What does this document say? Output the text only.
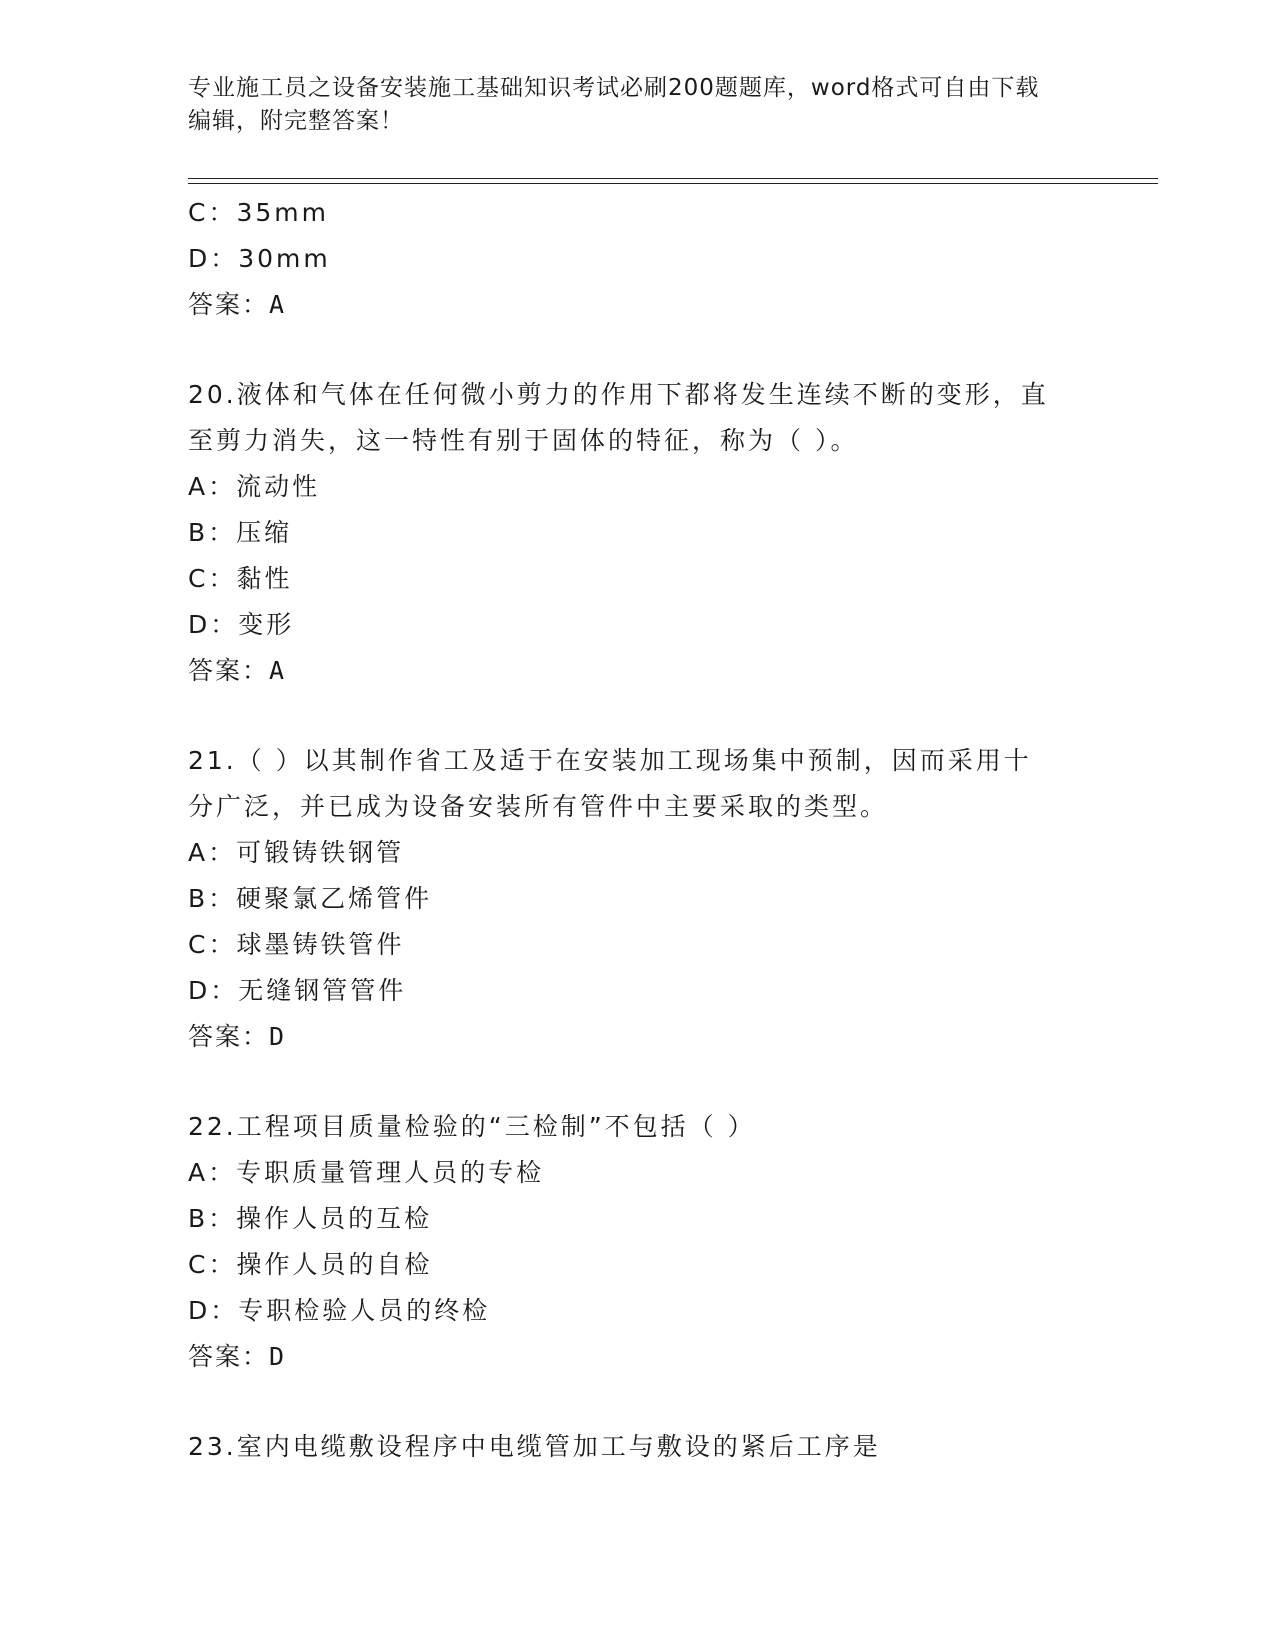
专业施工员之设备安装施工基础知识考试必刷200题题库，word格式可自由下载
编辑，附完整答案！
C：35mm
D：30mm
答案：A
20.液体和气体在任何微小剪力的作用下都将发生连续不断的变形，直
至剪力消失，这一特性有别于固体的特征，称为（ ）。
A：流动性
B：压缩
C：黏性
D：变形
答案：A
21.（ ）以其制作省工及适于在安装加工现场集中预制，因而采用十
分广泛，并已成为设备安装所有管件中主要采取的类型。
A：可锻铸铁钢管
B：硬聚氯乙烯管件
C：球墨铸铁管件
D：无缝钢管管件
答案：D
22.工程项目质量检验的“三检制”不包括（ ）
A：专职质量管理人员的专检
B：操作人员的互检
C：操作人员的自检
D：专职检验人员的终检
答案：D
23.室内电缆敷设程序中电缆管加工与敷设的紧后工序是
